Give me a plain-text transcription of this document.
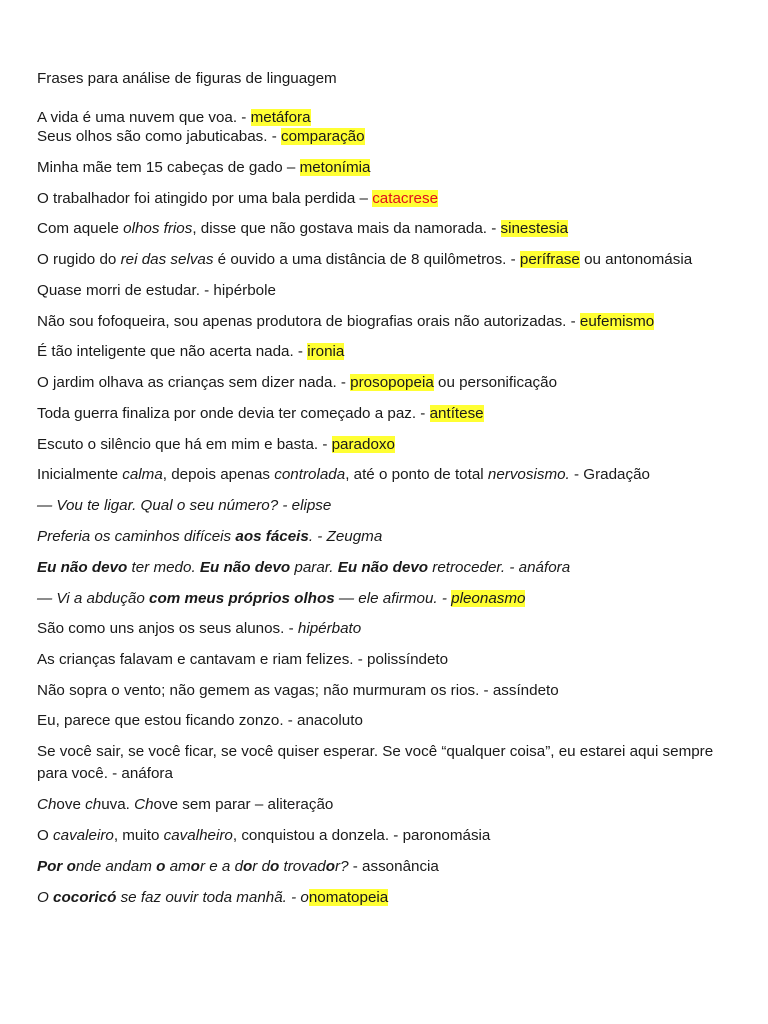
Frases para análise de figuras de linguagem
A vida é uma nuvem que voa. - metáfora
Seus olhos são como jabuticabas. - comparação
Minha mãe tem 15 cabeças de gado – metonímia
O trabalhador foi atingido por uma bala perdida – catacrese
Com aquele olhos frios, disse que não gostava mais da namorada. - sinestesia
O rugido do rei das selvas é ouvido a uma distância de 8 quilômetros. - perífrase ou antonomásia
Quase morri de estudar. - hipérbole
Não sou fofoqueira, sou apenas produtora de biografias orais não autorizadas. - eufemismo
É tão inteligente que não acerta nada. - ironia
O jardim olhava as crianças sem dizer nada. - prosopopeia ou personificação
Toda guerra finaliza por onde devia ter começado a paz. - antítese
Escuto o silêncio que há em mim e basta. - paradoxo
Inicialmente calma, depois apenas controlada, até o ponto de total nervosismo. - Gradação
— Vou te ligar. Qual o seu número? - elipse
Preferia os caminhos difíceis aos fáceis. - Zeugma
Eu não devo ter medo. Eu não devo parar. Eu não devo retroceder. - anáfora
— Vi a abdução com meus próprios olhos — ele afirmou. - pleonasmo
São como uns anjos os seus alunos. - hipérbato
As crianças falavam e cantavam e riam felizes. - polissíndeto
Não sopra o vento; não gemem as vagas; não murmuram os rios. - assíndeto
Eu, parece que estou ficando zonzo. - anacoluto
Se você sair, se você ficar, se você quiser esperar. Se você “qualquer coisa”, eu estarei aqui sempre para você. - anáfora
Chove chuva. Chove sem parar – aliteração
O cavaleiro, muito cavalheiro, conquistou a donzela. - paronomásia
Por onde andam o amor e a dor do trovador? - assonância
O cocoricó se faz ouvir toda manhã. - onomatopeia
